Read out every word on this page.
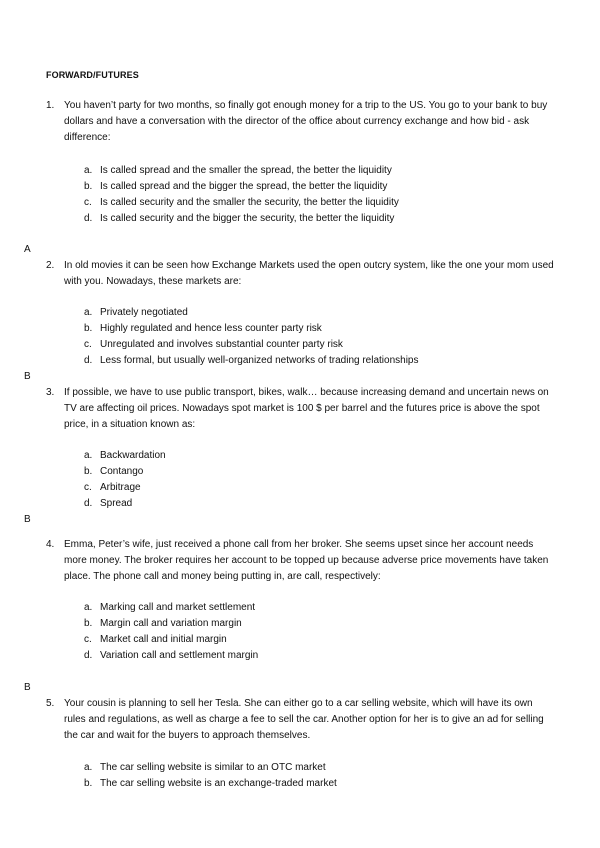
FORWARD/FUTURES
1. You haven’t party for two months, so finally got enough money for a trip to the US. You go to your bank to buy dollars and have a conversation with the director of the office about currency exchange and how bid - ask difference:
a. Is called spread and the smaller the spread, the better the liquidity
b. Is called spread and the bigger the spread, the better the liquidity
c. Is called security and the smaller the security, the better the liquidity
d. Is called security and the bigger the security, the better the liquidity
A
2. In old movies it can be seen how Exchange Markets used the open outcry system, like the one your mom used with you. Nowadays, these markets are:
a. Privately negotiated
b. Highly regulated and hence less counter party risk
c. Unregulated and involves substantial counter party risk
d. Less formal, but usually well-organized networks of trading relationships
B
3. If possible, we have to use public transport, bikes, walk… because increasing demand and uncertain news on TV are affecting oil prices. Nowadays spot market is 100 $ per barrel and the futures price is above the spot price, in a situation known as:
a. Backwardation
b. Contango
c. Arbitrage
d. Spread
B
4. Emma, Peter’s wife, just received a phone call from her broker. She seems upset since her account needs more money. The broker requires her account to be topped up because adverse price movements have taken place. The phone call and money being putting in, are call, respectively:
a. Marking call and market settlement
b. Margin call and variation margin
c. Market call and initial margin
d. Variation call and settlement margin
B
5. Your cousin is planning to sell her Tesla. She can either go to a car selling website, which will have its own rules and regulations, as well as charge a fee to sell the car. Another option for her is to give an ad for selling the car and wait for the buyers to approach themselves.
a. The car selling website is similar to an OTC market
b. The car selling website is an exchange-traded market
